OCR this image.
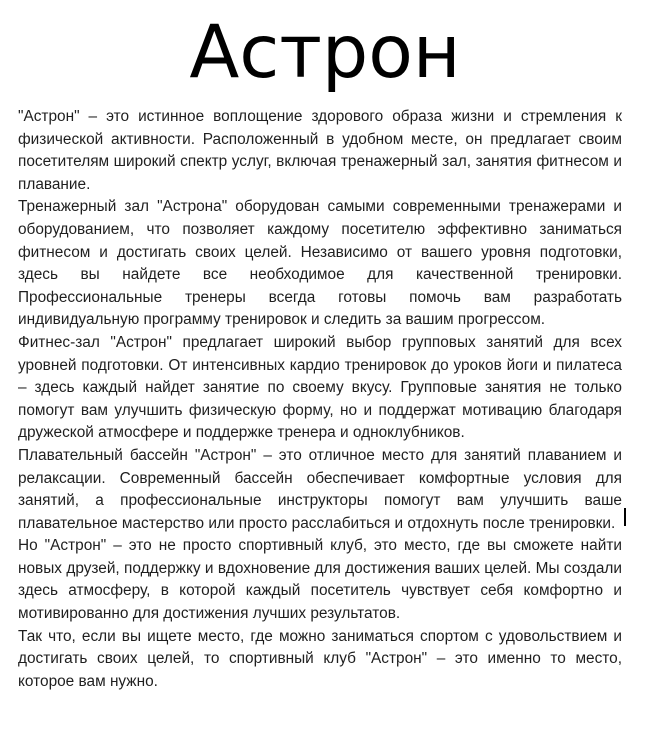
Астрон

"Астрон" – это истинное воплощение здорового образа жизни и стремления к физической активности. Расположенный в удобном месте, он предлагает своим посетителям широкий спектр услуг, включая тренажерный зал, занятия фитнесом и плавание.

Тренажерный зал "Астрона" оборудован самыми современными тренажерами и оборудованием, что позволяет каждому посетителю эффективно заниматься фитнесом и достигать своих целей. Независимо от вашего уровня подготовки, здесь вы найдете все необходимое для качественной тренировки. Профессиональные тренеры всегда готовы помочь вам разработать индивидуальную программу тренировок и следить за вашим прогрессом.

Фитнес-зал "Астрон" предлагает широкий выбор групповых занятий для всех уровней подготовки. От интенсивных кардио тренировок до уроков йоги и пилатеса – здесь каждый найдет занятие по своему вкусу. Групповые занятия не только помогут вам улучшить физическую форму, но и поддержат мотивацию благодаря дружеской атмосфере и поддержке тренера и одноклубников.

Плавательный бассейн "Астрон" – это отличное место для занятий плаванием и релаксации. Современный бассейн обеспечивает комфортные условия для занятий, а профессиональные инструкторы помогут вам улучшить ваше плавательное мастерство или просто расслабиться и отдохнуть после тренировки.

Но "Астрон" – это не просто спортивный клуб, это место, где вы сможете найти новых друзей, поддержку и вдохновение для достижения ваших целей. Мы создали здесь атмосферу, в которой каждый посетитель чувствует себя комфортно и мотивированно для достижения лучших результатов.

Так что, если вы ищете место, где можно заниматься спортом с удовольствием и достигать своих целей, то спортивный клуб "Астрон" – это именно то место, которое вам нужно.
